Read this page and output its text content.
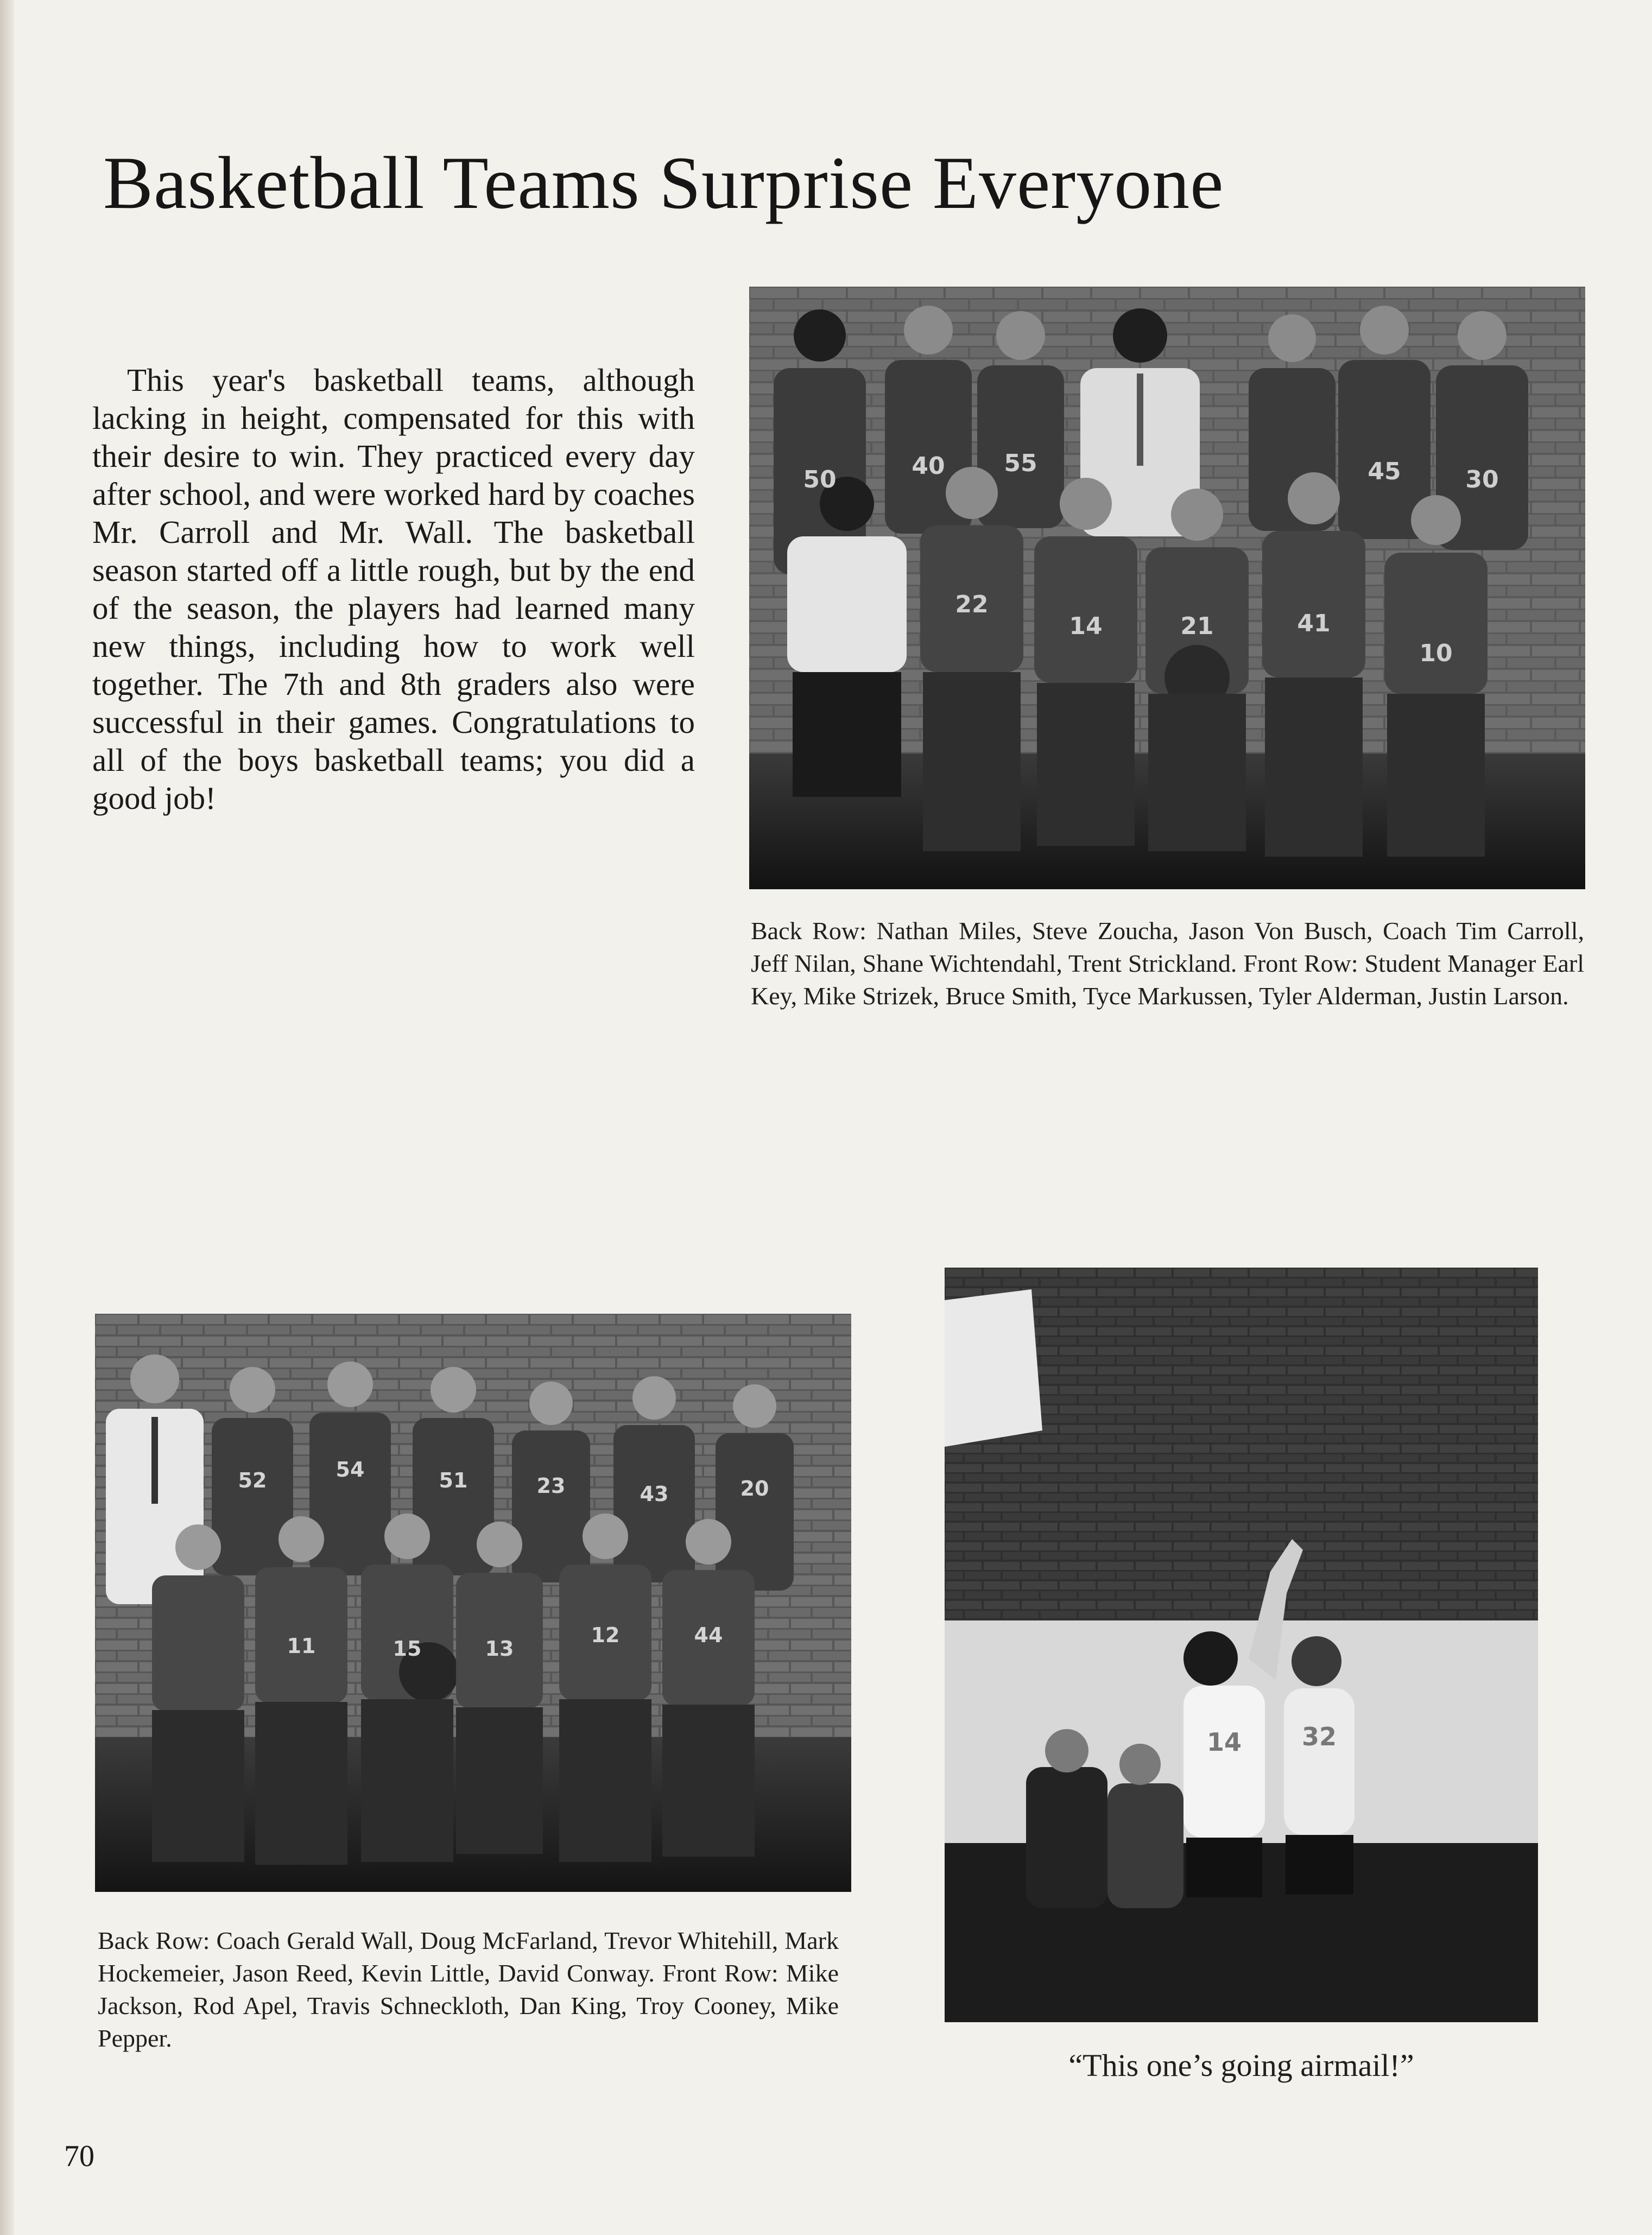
Basketball Teams Surprise Everyone

This year's basketball teams, although lacking in height, compensated for this with their desire to win. They practiced every day after school, and were worked hard by coaches Mr. Carroll and Mr. Wall. The basketball season started off a little rough, but by the end of the season, the players had learned many new things, including how to work well together. The 7th and 8th graders also were successful in their games. Congratulations to all of the boys basketball teams; you did a good job!

50	40 55	45	30
22
14	21	41
10

Back Row: Nathan Miles, Steve Zoucha, Jason Von Busch, Coach Tim Carroll, Jeff Nilan, Shane Wichtendahl, Trent Strickland. Front Row: Student Manager Earl Key, Mike Strizek, Bruce Smith, Tyce Markussen, Tyler Alderman, Justin Larson.

52	54	51	23	43	20
11	15	13
12	44

Back Row: Coach Gerald Wall, Doug McFarland, Trevor Whitehill, Mark Hockemeier, Jason Reed, Kevin Little, David Conway. Front Row: Mike Jackson, Rod Apel, Travis Schneckloth, Dan King, Troy Cooney, Mike Pepper.

14 32

“This one’s going airmail!”

70
